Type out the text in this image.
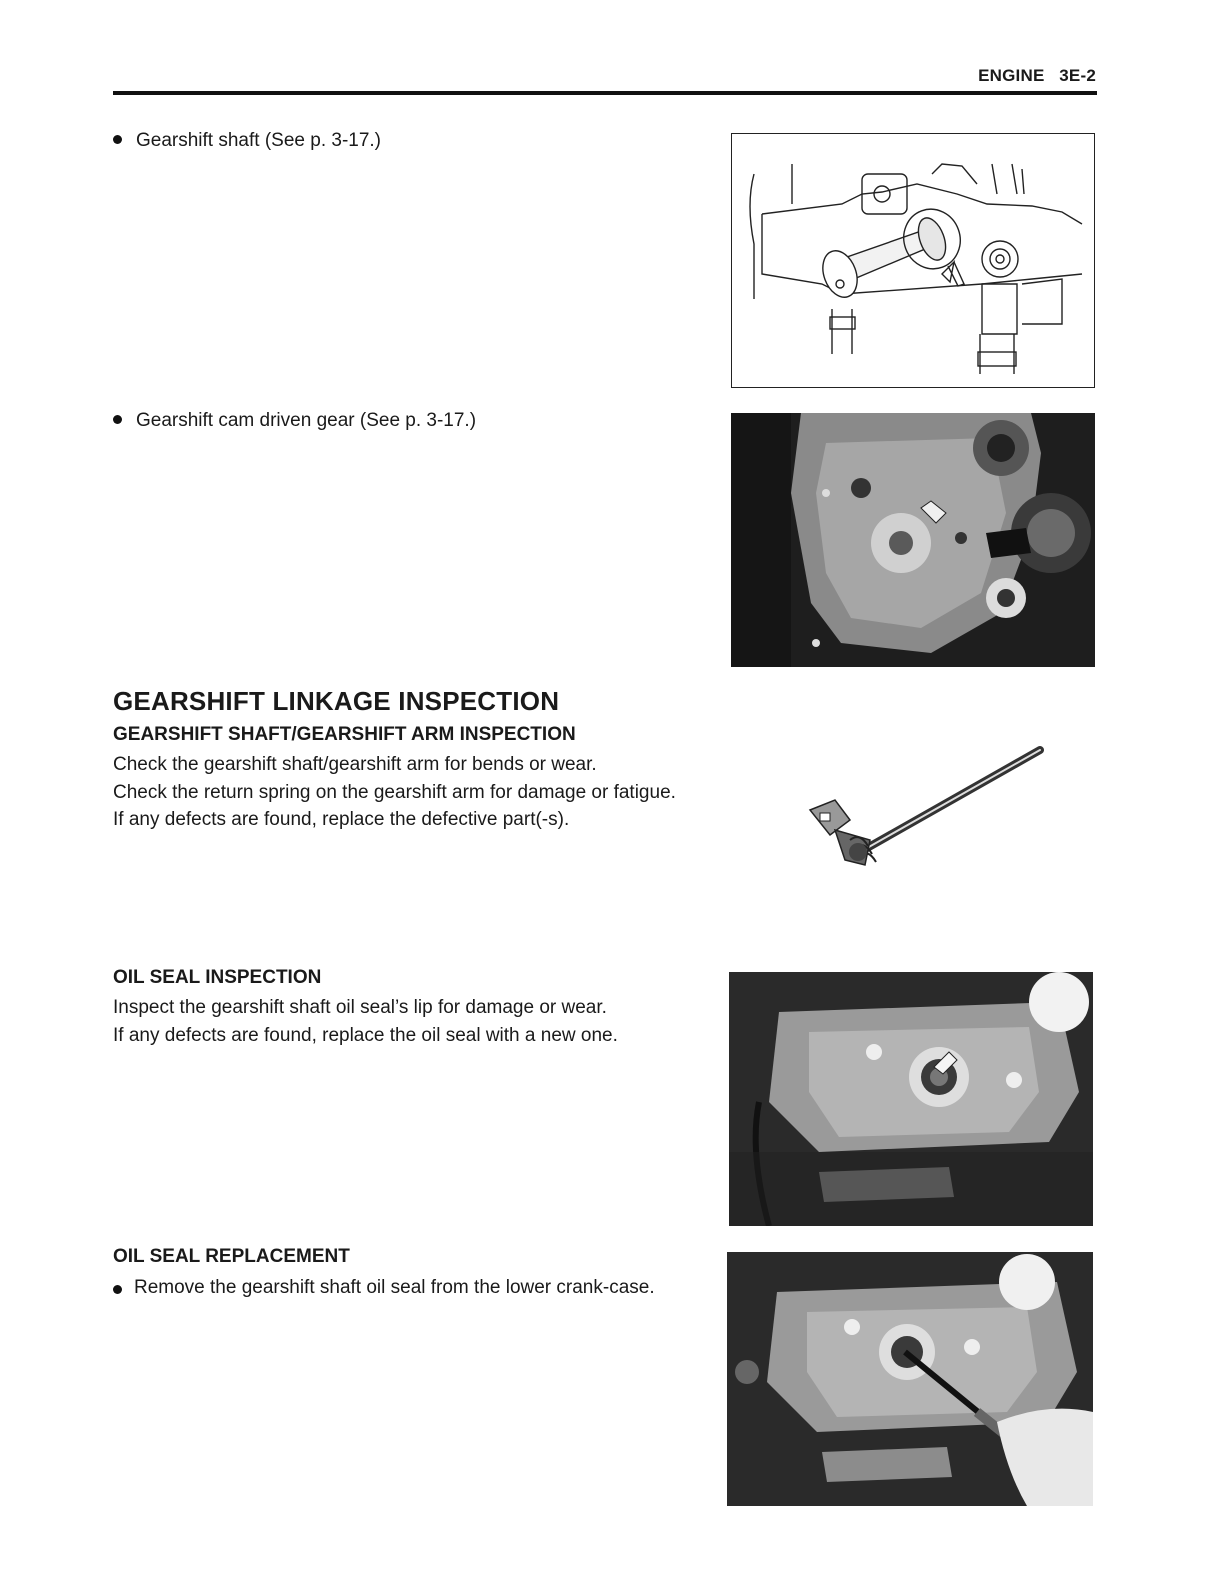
ENGINE 3E-2
Gearshift shaft (See p. 3-17.)
Gearshift cam driven gear (See p. 3-17.)
GEARSHIFT LINKAGE INSPECTION
GEARSHIFT SHAFT/GEARSHIFT ARM INSPECTION
Check the gearshift shaft/gearshift arm for bends or wear.
Check the return spring on the gearshift arm for damage or fatigue.
If any defects are found, replace the defective part(-s).
OIL SEAL INSPECTION
Inspect the gearshift shaft oil seal’s lip for damage or wear.
If any defects are found, replace the oil seal with a new one.
OIL SEAL REPLACEMENT
Remove the gearshift shaft oil seal from the lower crank-case.
